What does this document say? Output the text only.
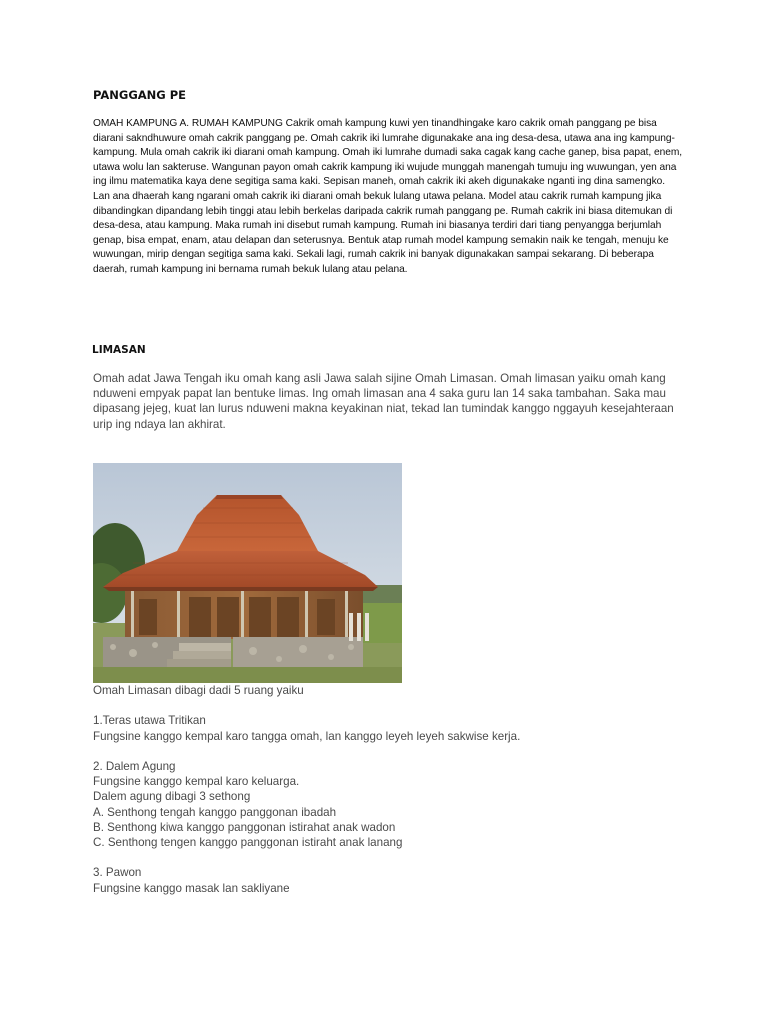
PANGGANG PE
OMAH KAMPUNG A. RUMAH KAMPUNG Cakrik omah kampung kuwi yen tinandhingake karo cakrik omah panggang pe bisa diarani sakndhuwure omah cakrik panggang pe. Omah cakrik iki lumrahe digunakake ana ing desa-desa, utawa ana ing kampung-kampung. Mula omah cakrik iki diarani omah kampung. Omah iki lumrahe dumadi saka cagak kang cache ganep, bisa papat, enem, utawa wolu lan sakteruse. Wangunan payon omah cakrik kampung iki wujude munggah manengah tumuju ing wuwungan, yen ana ing ilmu matematika kaya dene segitiga sama kaki. Sepisan maneh, omah cakrik iki akeh digunakake nganti ing dina samengko. Lan ana dhaerah kang ngarani omah cakrik iki diarani omah bekuk lulang utawa pelana. Model atau cakrik rumah kampung jika dibandingkan dipandang lebih tinggi atau lebih berkelas daripada cakrik rumah panggang pe. Rumah cakrik ini biasa ditemukan di desa-desa, atau kampung. Maka rumah ini disebut rumah kampung. Rumah ini biasanya terdiri dari tiang penyangga berjumlah genap, bisa empat, enam, atau delapan dan seterusnya. Bentuk atap rumah model kampung semakin naik ke tengah, menuju ke wuwungan, mirip dengan segitiga sama kaki. Sekali lagi, rumah cakrik ini banyak digunakakan sampai sekarang. Di beberapa daerah, rumah kampung ini bernama rumah bekuk lulang atau pelana.
LIMASAN
Omah adat Jawa Tengah iku omah kang asli Jawa salah sijine Omah Limasan. Omah limasan yaiku omah kang nduweni empyak papat lan bentuke limas. Ing omah limasan ana 4 saka guru lan 14 saka tambahan. Saka mau dipasang jejeg, kuat lan lurus nduweni makna keyakinan niat, tekad lan tumindak kanggo nggayuh kesejahteraan urip ing ndaya lan akhirat.
Omah Limasan dibagi dadi 5 ruang yaiku
1.Teras utawa Tritikan
Fungsine kanggo kempal karo tangga omah, lan kanggo leyeh leyeh sakwise kerja.
2. Dalem Agung
Fungsine kanggo kempal karo keluarga.
Dalem agung dibagi 3 sethong
A. Senthong tengah kanggo panggonan ibadah
B. Senthong kiwa kanggo panggonan istirahat anak wadon
C. Senthong tengen kanggo panggonan istiraht anak lanang
3. Pawon
Fungsine kanggo masak lan sakliyane
